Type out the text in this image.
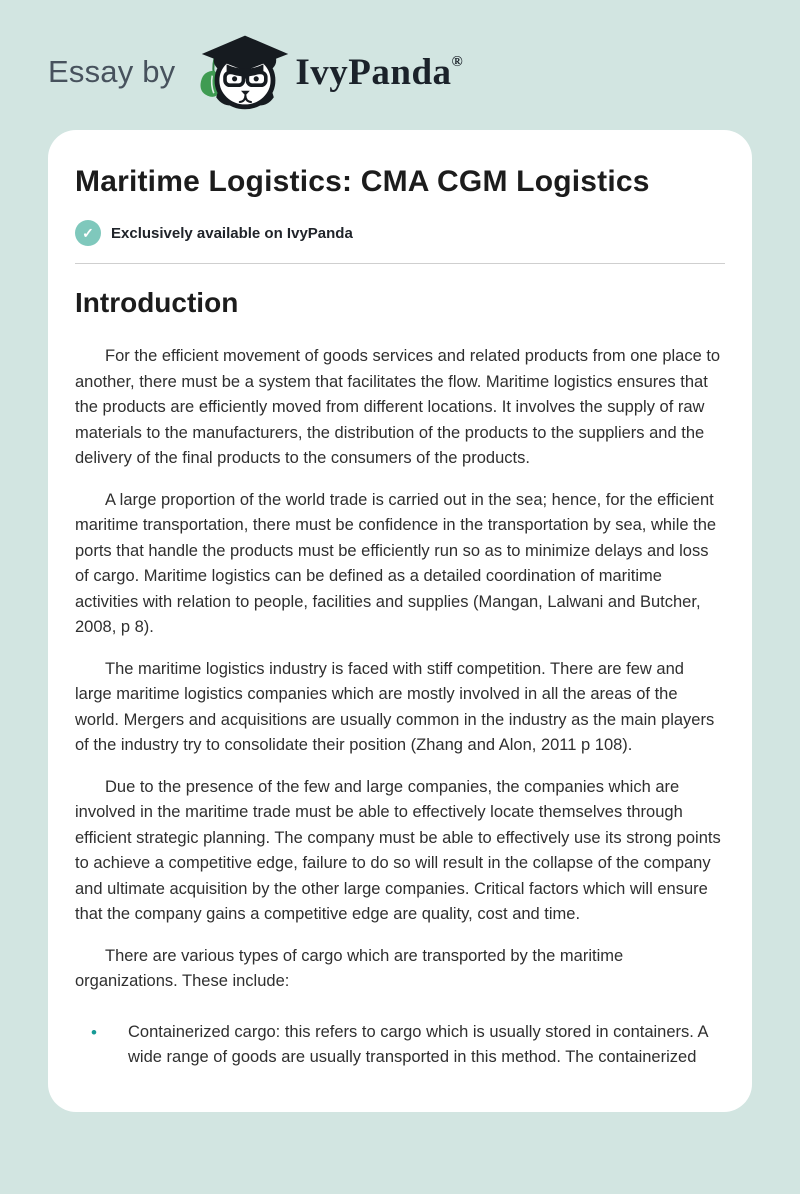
Essay by	IvyPanda®
Maritime Logistics: CMA CGM Logistics
✓	Exclusively available on IvyPanda
Introduction

For the efficient movement of goods services and related products from one place to another, there must be a system that facilitates the flow. Maritime logistics ensures that the products are efficiently moved from different locations. It involves the supply of raw materials to the manufacturers, the distribution of the products to the suppliers and the delivery of the final products to the consumers of the products.

A large proportion of the world trade is carried out in the sea; hence, for the efficient maritime transportation, there must be confidence in the transportation by sea, while the ports that handle the products must be efficiently run so as to minimize delays and loss of cargo. Maritime logistics can be defined as a detailed coordination of maritime activities with relation to people, facilities and supplies (Mangan, Lalwani and Butcher, 2008, p 8).

The maritime logistics industry is faced with stiff competition. There are few and large maritime logistics companies which are mostly involved in all the areas of the world. Mergers and acquisitions are usually common in the industry as the main players of the industry try to consolidate their position (Zhang and Alon, 2011 p 108).

Due to the presence of the few and large companies, the companies which are involved in the maritime trade must be able to effectively locate themselves through efficient strategic planning. The company must be able to effectively use its strong points to achieve a competitive edge, failure to do so will result in the collapse of the company and ultimate acquisition by the other large companies. Critical factors which will ensure that the company gains a competitive edge are quality, cost and time.

There are various types of cargo which are transported by the maritime organizations. These include:

• Containerized cargo: this refers to cargo which is usually stored in containers. A wide range of goods are usually transported in this method. The containerized
